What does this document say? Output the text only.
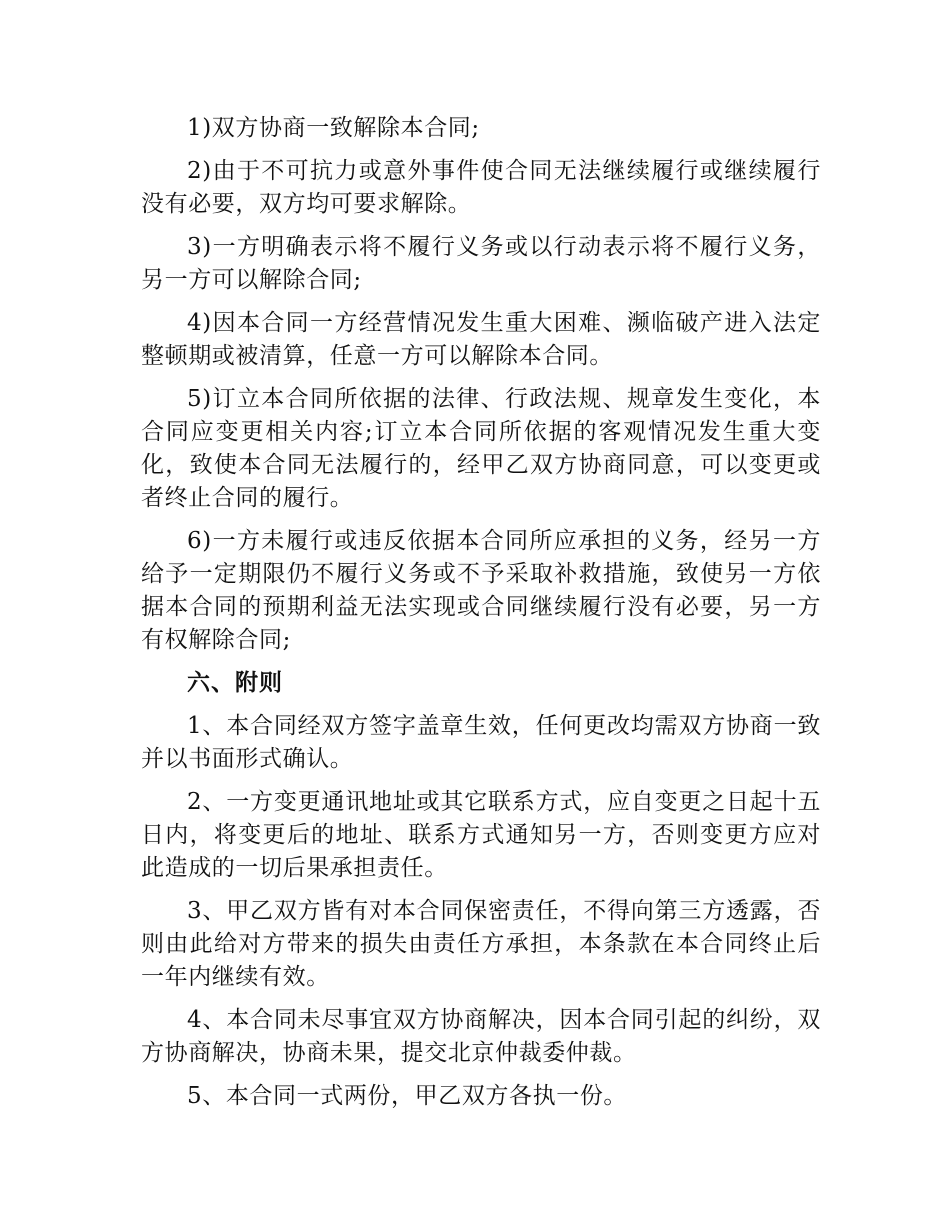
1)双方协商一致解除本合同;

2)由于不可抗力或意外事件使合同无法继续履行或继续履行没有必要，双方均可要求解除。

3)一方明确表示将不履行义务或以行动表示将不履行义务，另一方可以解除合同;

4)因本合同一方经营情况发生重大困难、濒临破产进入法定整顿期或被清算，任意一方可以解除本合同。

5)订立本合同所依据的法律、行政法规、规章发生变化，本合同应变更相关内容;订立本合同所依据的客观情况发生重大变化，致使本合同无法履行的，经甲乙双方协商同意，可以变更或者终止合同的履行。

6)一方未履行或违反依据本合同所应承担的义务，经另一方给予一定期限仍不履行义务或不予采取补救措施，致使另一方依据本合同的预期利益无法实现或合同继续履行没有必要，另一方有权解除合同;

六、附则

1、本合同经双方签字盖章生效，任何更改均需双方协商一致并以书面形式确认。

2、一方变更通讯地址或其它联系方式，应自变更之日起十五日内，将变更后的地址、联系方式通知另一方，否则变更方应对此造成的一切后果承担责任。

3、甲乙双方皆有对本合同保密责任，不得向第三方透露，否则由此给对方带来的损失由责任方承担，本条款在本合同终止后一年内继续有效。

4、本合同未尽事宜双方协商解决，因本合同引起的纠纷，双方协商解决，协商未果，提交北京仲裁委仲裁。

5、本合同一式两份，甲乙双方各执一份。
